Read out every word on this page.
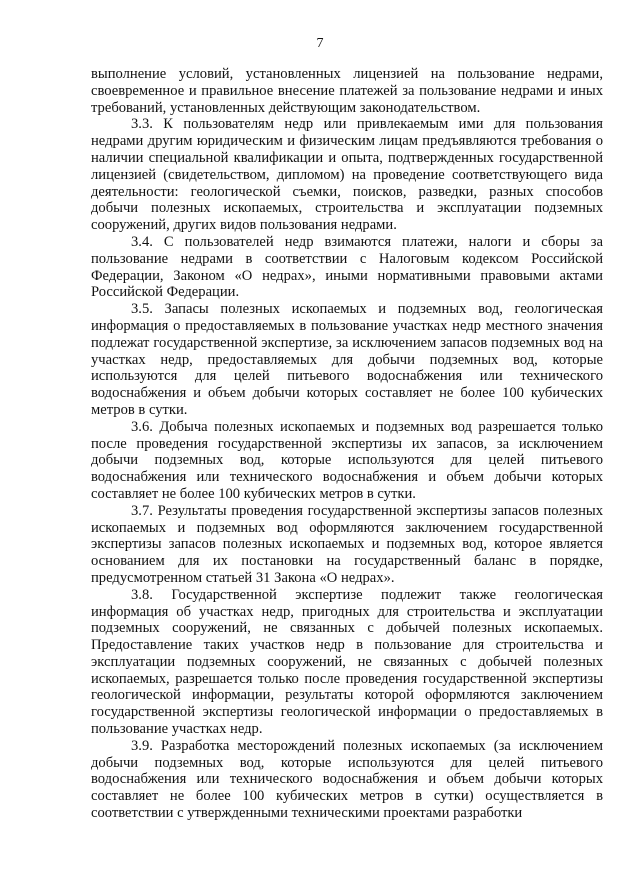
7

выполнение условий, установленных лицензией на пользование недрами, своевременное и правильное внесение платежей за пользование недрами и иных требований, установленных действующим законодательством.

3.3. К пользователям недр или привлекаемым ими для пользования недрами другим юридическим и физическим лицам предъявляются требования о наличии специальной квалификации и опыта, подтвержденных государственной лицензией (свидетельством, дипломом) на проведение соответствующего вида деятельности: геологической съемки, поисков, разведки, разных способов добычи полезных ископаемых, строительства и эксплуатации подземных сооружений, других видов пользования недрами.

3.4. С пользователей недр взимаются платежи, налоги и сборы за пользование недрами в соответствии с Налоговым кодексом Российской Федерации, Законом «О недрах», иными нормативными правовыми актами Российской Федерации.

3.5. Запасы полезных ископаемых и подземных вод, геологическая информация о предоставляемых в пользование участках недр местного значения подлежат государственной экспертизе, за исключением запасов подземных вод на участках недр, предоставляемых для добычи подземных вод, которые используются для целей питьевого водоснабжения или технического водоснабжения и объем добычи которых составляет не более 100 кубических метров в сутки.

3.6. Добыча полезных ископаемых и подземных вод разрешается только после проведения государственной экспертизы их запасов, за исключением добычи подземных вод, которые используются для целей питьевого водоснабжения или технического водоснабжения и объем добычи которых составляет не более 100 кубических метров в сутки.

3.7. Результаты проведения государственной экспертизы запасов полезных ископаемых и подземных вод оформляются заключением государственной экспертизы запасов полезных ископаемых и подземных вод, которое является основанием для их постановки на государственный баланс в порядке, предусмотренном статьей 31 Закона «О недрах».

3.8. Государственной экспертизе подлежит также геологическая информация об участках недр, пригодных для строительства и эксплуатации подземных сооружений, не связанных с добычей полезных ископаемых. Предоставление таких участков недр в пользование для строительства и эксплуатации подземных сооружений, не связанных с добычей полезных ископаемых, разрешается только после проведения государственной экспертизы геологической информации, результаты которой оформляются заключением государственной экспертизы геологической информации о предоставляемых в пользование участках недр.

3.9. Разработка месторождений полезных ископаемых (за исключением добычи подземных вод, которые используются для целей питьевого водоснабжения или технического водоснабжения и объем добычи которых составляет не более 100 кубических метров в сутки) осуществляется в соответствии с утвержденными техническими проектами разработки
